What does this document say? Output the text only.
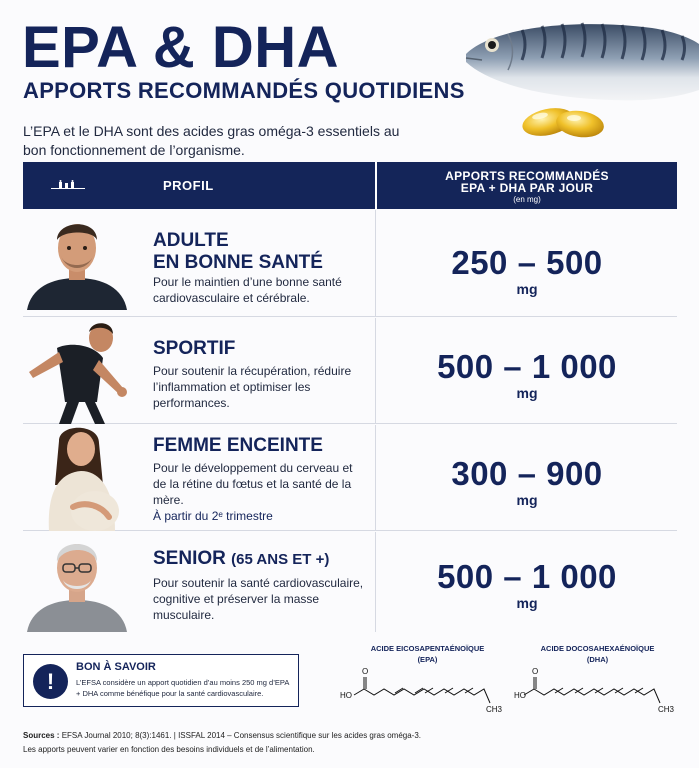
EPA & DHA
APPORTS RECOMMANDÉS QUOTIDIENS
L’EPA et le DHA sont des acides gras oméga-3 essentiels au bon fonctionnement de l’organisme.
PROFIL
APPORTS RECOMMANDÉS
EPA + DHA PAR JOUR
(en mg)
ADULTE
EN BONNE SANTÉ
Pour le maintien d’une bonne santé cardiovasculaire et cérébrale.
250 – 500
mg
SPORTIF
Pour soutenir la récupération, réduire l’inflammation et optimiser les performances.
500 – 1 000
mg
FEMME ENCEINTE
Pour le développement du cerveau et de la rétine du fœtus et la santé de la mère.
À partir du 2ᵉ trimestre
300 – 900
mg
SENIOR (65 ANS ET +)
Pour soutenir la santé cardiovasculaire, cognitive et préserver la masse musculaire.
500 – 1 000
mg
!
BON À SAVOIR
L’EFSA considère un apport quotidien d’au moins 250 mg d’EPA + DHA comme bénéfique pour la santé cardiovasculaire.
ACIDE EICOSAPENTAÉNOÏQUE
(EPA)
HO
O
CH3
ACIDE DOCOSAHEXAÉNOÏQUE
(DHA)
HO
O
CH3
Sources : EFSA Journal 2010; 8(3):1461. | ISSFAL 2014 – Consensus scientifique sur les acides gras oméga-3.
Les apports peuvent varier en fonction des besoins individuels et de l’alimentation.
